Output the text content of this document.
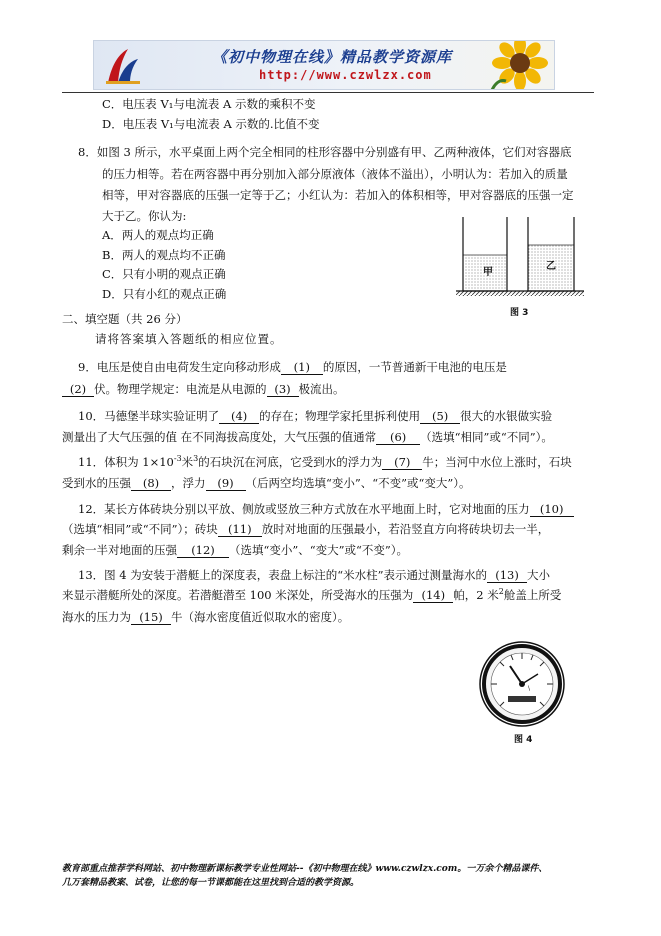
《初中物理在线》精品教学资源库
http://www.czwlzx.com
C．电压表 V₁与电流表 A 示数的乘积不变
D．电压表 V₁与电流表 A 示数的.比值不变
8．如图 3 所示，水平桌面上两个完全相同的柱形容器中分别盛有甲、乙两种液体，它们对容器底
的压力相等。若在两容器中再分别加入部分原液体（液体不溢出），小明认为：若加入的质量
相等，甲对容器底的压强一定等于乙；小红认为：若加入的体积相等，甲对容器底的压强一定
大于乙。你认为:
A．两人的观点均正确
B．两人的观点均不正确
C．只有小明的观点正确
D．只有小红的观点正确
甲
乙
图 3
二、填空题（共 26 分）
请将答案填入答题纸的相应位置。
9．电压是使自由电荷发生定向移动形成 (1) 的原因，一节普通新干电池的电压是
(2) 伏。物理学规定：电流是从电源的 (3) 极流出。
10．马德堡半球实验证明了 (4) 的存在；物理学家托里拆利使用 (5) 很大的水银做实验
测量出了大气压强的值 在不同海拔高度处，大气压强的值通常 (6) （选填“相同”或“不同”）。
11．体积为 $1\times 10^{-3}$米$^3$的石块沉在河底，它受到水的浮力为 (7) 牛；当河中水位上涨时，石块
受到水的压强 (8) ，浮力 (9) （后两空均选填“变小”、“不变”或“变大”）。
12．某长方体砖块分别以平放、侧放或竖放三种方式放在水平地面上时，它对地面的压力 (10)
（选填“相同”或“不同”）；砖块 (11) 放时对地面的压强最小，若沿竖直方向将砖块切去一半，
剩余一半对地面的压强 (12) （选填“变小”、“变大”或“不变”）。
13．图 4 为安装于潜艇上的深度表，表盘上标注的“米水柱”表示通过测量海水的 (13) 大小
来显示潜艇所处的深度。若潜艇潜至 100 米深处，所受海水的压强为 (14) 帕，2 米$^2$舱盖上所受
海水的压力为 (15) 牛（海水密度值近似取水的密度）。
\
图 4
教育部重点推荐学科网站、初中物理新课标教学专业性网站--《初中物理在线》www.czwlzx.com。一万余个精品课件、
几万套精品教案、试卷，让您的每一节课都能在这里找到合适的教学资源。
